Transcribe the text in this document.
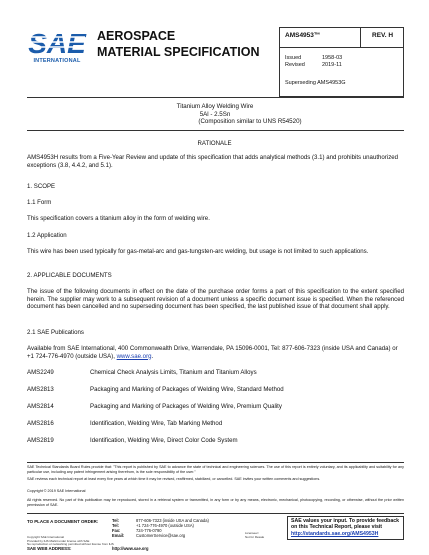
SAE
INTERNATIONAL
AEROSPACE
MATERIAL SPECIFICATION
AMS4953™	REV. H
Issued	1958-03
Revised	2019-11
Superseding AMS4953G
Titanium Alloy Welding Wire
5Al - 2.5Sn
(Composition similar to UNS R54520)
RATIONALE
AMS4953H results from a Five-Year Review and update of this specification that adds analytical methods (3.1) and prohibits unauthorized exceptions (3.8, 4.4.2, and 5.1).
1. SCOPE
1.1 Form
This specification covers a titanium alloy in the form of welding wire.
1.2 Application
This wire has been used typically for gas-metal-arc and gas-tungsten-arc welding, but usage is not limited to such applications.
2. APPLICABLE DOCUMENTS
The issue of the following documents in effect on the date of the purchase order forms a part of this specification to the extent specified herein. The supplier may work to a subsequent revision of a document unless a specific document issue is specified. When the referenced document has been cancelled and no superseding document has been specified, the last published issue of that document shall apply.
2.1 SAE Publications
Available from SAE International, 400 Commonwealth Drive, Warrendale, PA 15096-0001, Tel: 877-606-7323 (inside USA and Canada) or +1 724-776-4970 (outside USA), www.sae.org.
AMS2249	Chemical Check Analysis Limits, Titanium and Titanium Alloys
AMS2813	Packaging and Marking of Packages of Welding Wire, Standard Method
AMS2814	Packaging and Marking of Packages of Welding Wire, Premium Quality
AMS2816	Identification, Welding Wire, Tab Marking Method
AMS2819	Identification, Welding Wire, Direct Color Code System
SAE Technical Standards Board Rules provide that: "This report is published by SAE to advance the state of technical and engineering sciences. The use of this report is entirely voluntary, and its applicability and suitability for any particular use, including any patent infringement arising therefrom, is the sole responsibility of the user."
SAE reviews each technical report at least every five years at which time it may be revised, reaffirmed, stabilized, or cancelled. SAE invites your written comments and suggestions.
Copyright © 2019 SAE International
All rights reserved. No part of this publication may be reproduced, stored in a retrieval system or transmitted, in any form or by any means, electronic, mechanical, photocopying, recording, or otherwise, without the prior written permission of SAE.
TO PLACE A DOCUMENT ORDER:	Tel:	877-606-7323 (inside USA and Canada)
Tel:	+1 724-776-4970 (outside USA)
Fax:	724-776-0790
Email:	CustomerService@sae.org
SAE WEB ADDRESS:	http://www.sae.org
Copyright SAE International
Provided by IHS Markit under license with SAE
No reproduction or networking permitted without license from IHS
Licensee=
Not for Resale
SAE values your input. To provide feedback
on this Technical Report, please visit
http://standards.sae.org/AMS4953H
